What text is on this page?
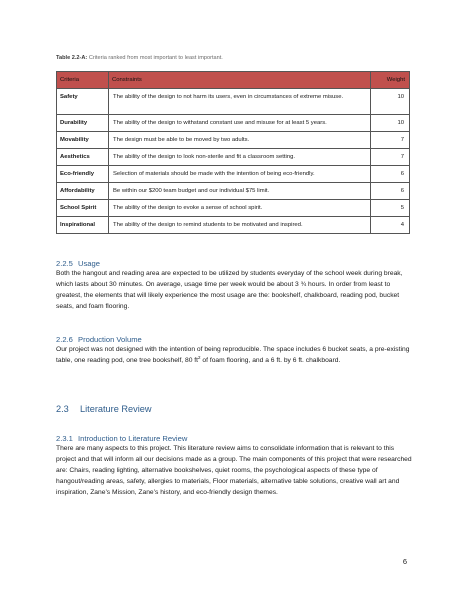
Table 2.2-A: Criteria ranked from most important to least important.
Criteria	Constraints	Weight
Safety	The ability of the design to not harm its users, even in circumstances of extreme misuse.	10
Durability	The ability of the design to withstand constant use and misuse for at least 5 years.	10
Movability	The design must be able to be moved by two adults.	7
Aesthetics	The ability of the design to look non-sterile and fit a classroom setting.	7
Eco-friendly	Selection of materials should be made with the intention of being eco-friendly.	6
Affordability	Be within our $200 team budget and our individual $75 limit.	6
School Spirit	The ability of the design to evoke a sense of school spirit.	5
Inspirational	The ability of the design to remind students to be motivated and inspired.	4
2.2.5 Usage
Both the hangout and reading area are expected to be utilized by students everyday of the school week during break, which lasts about 30 minutes. On average, usage time per week would be about 3 ¾ hours. In order from least to greatest, the elements that will likely experience the most usage are the: bookshelf, chalkboard, reading pod, bucket seats, and foam flooring.
2.2.6 Production Volume
Our project was not designed with the intention of being reproducible. The space includes 6 bucket seats, a pre-existing table, one reading pod, one tree bookshelf, 80 $ft^2$ of foam flooring, and a 6 ft. by 6 ft. chalkboard.
2.3 Literature Review
2.3.1 Introduction to Literature Review
There are many aspects to this project. This literature review aims to consolidate information that is relevant to this project and that will inform all our decisions made as a group. The main components of this project that were researched are: Chairs, reading lighting, alternative bookshelves, quiet rooms, the psychological aspects of these type of hangout/reading areas, safety, allergies to materials, Floor materials, alternative table solutions, creative wall art and inspiration, Zane’s Mission, Zane’s history, and eco-friendly design themes.
6
